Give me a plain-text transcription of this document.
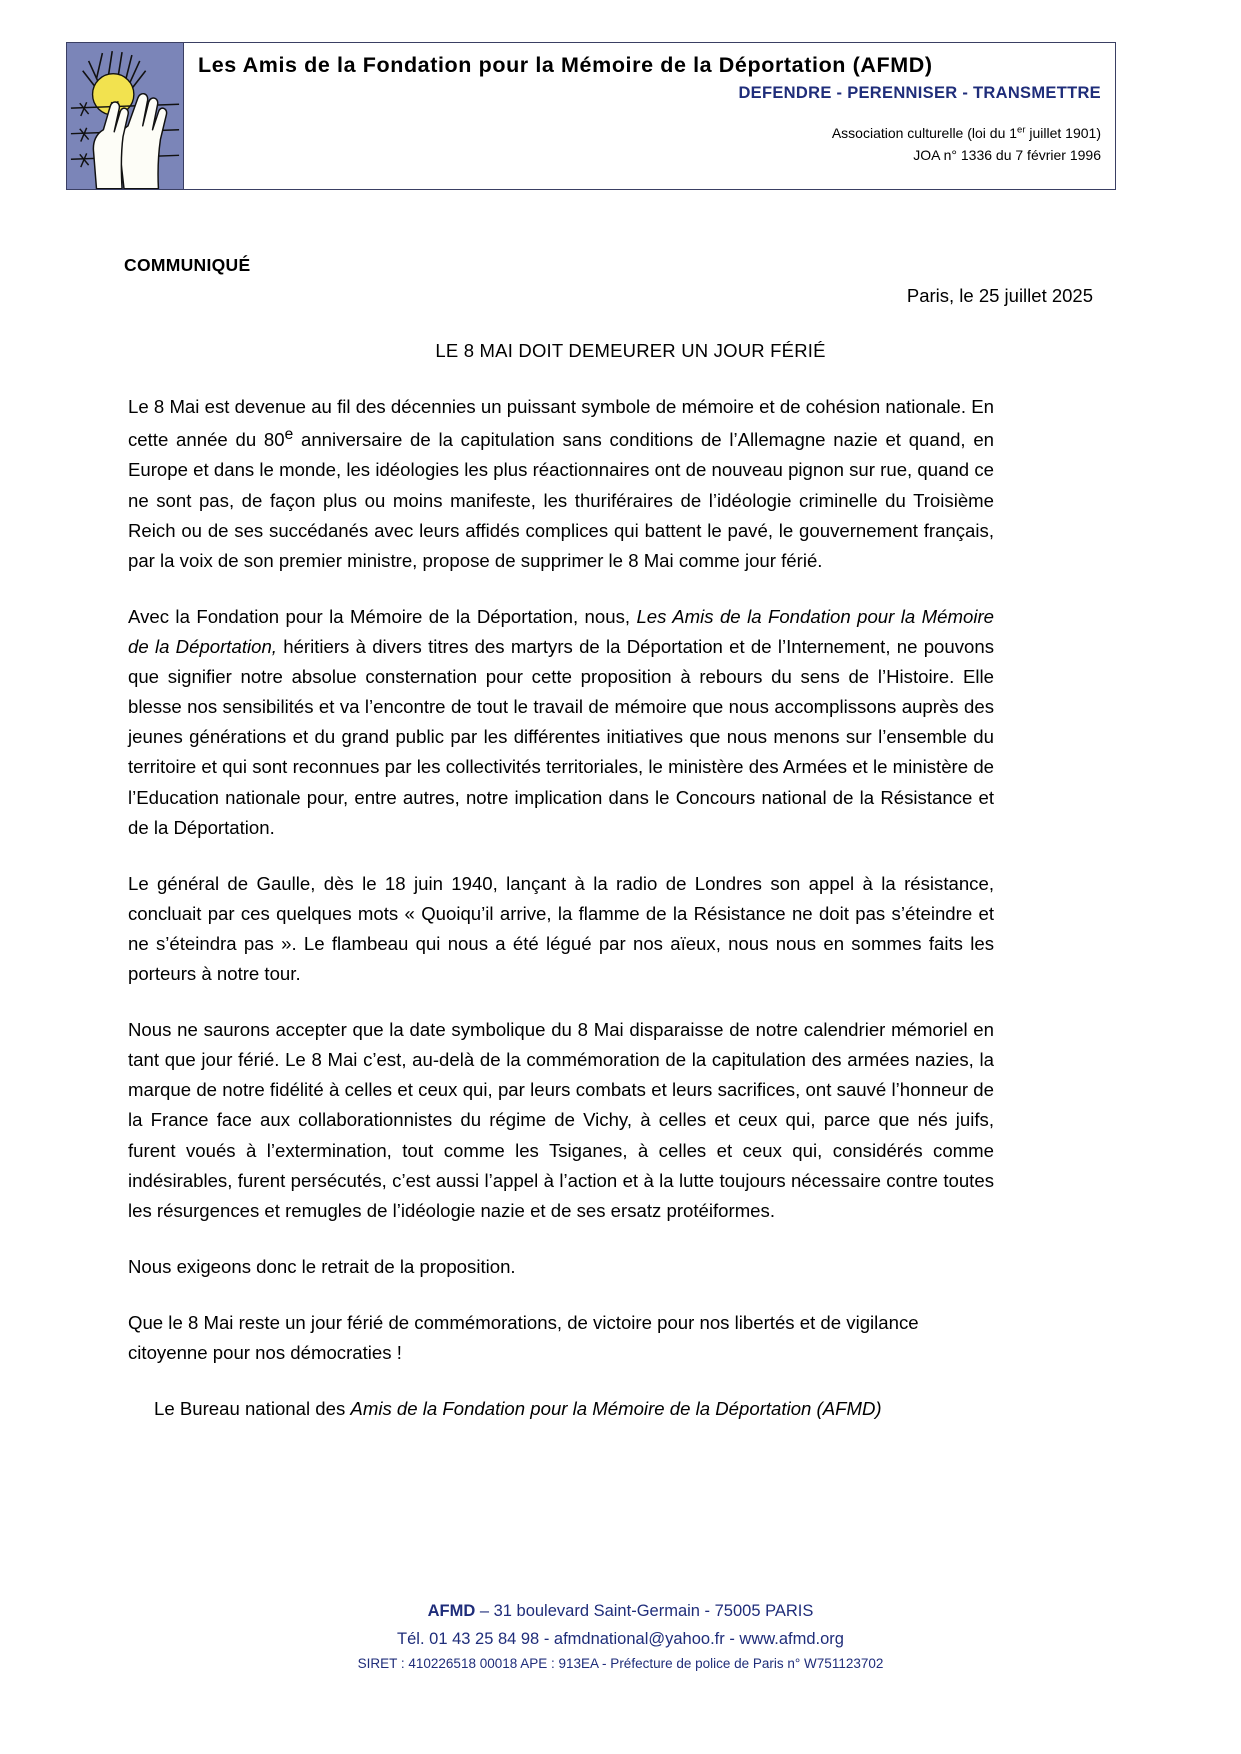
Les Amis de la Fondation pour la Mémoire de la Déportation (AFMD)
DEFENDRE - PERENNISER - TRANSMETTRE
Association culturelle (loi du 1er juillet 1901)
JOA n° 1336 du 7 février 1996
COMMUNIQUÉ
Paris, le 25 juillet 2025
LE 8 MAI DOIT DEMEURER UN JOUR FÉRIÉ

Le 8 Mai est devenue au fil des décennies un puissant symbole de mémoire et de cohésion nationale. En cette année du 80e anniversaire de la capitulation sans conditions de l’Allemagne nazie et quand, en Europe et dans le monde, les idéologies les plus réactionnaires ont de nouveau pignon sur rue, quand ce ne sont pas, de façon plus ou moins manifeste, les thuriféraires de l’idéologie criminelle du Troisième Reich ou de ses succédanés avec leurs affidés complices qui battent le pavé, le gouvernement français, par la voix de son premier ministre, propose de supprimer le 8 Mai comme jour férié.

Avec la Fondation pour la Mémoire de la Déportation, nous, Les Amis de la Fondation pour la Mémoire de la Déportation, héritiers à divers titres des martyrs de la Déportation et de l’Internement, ne pouvons que signifier notre absolue consternation pour cette proposition à rebours du sens de l’Histoire. Elle blesse nos sensibilités et va l’encontre de tout le travail de mémoire que nous accomplissons auprès des jeunes générations et du grand public par les différentes initiatives que nous menons sur l’ensemble du territoire et qui sont reconnues par les collectivités territoriales, le ministère des Armées et le ministère de l’Education nationale pour, entre autres, notre implication dans le Concours national de la Résistance et de la Déportation.

Le général de Gaulle, dès le 18 juin 1940, lançant à la radio de Londres son appel à la résistance, concluait par ces quelques mots « Quoiqu’il arrive, la flamme de la Résistance ne doit pas s’éteindre et ne s’éteindra pas ». Le flambeau qui nous a été légué par nos aïeux, nous nous en sommes faits les porteurs à notre tour.

Nous ne saurons accepter que la date symbolique du 8 Mai disparaisse de notre calendrier mémoriel en tant que jour férié. Le 8 Mai c’est, au-delà de la commémoration de la capitulation des armées nazies, la marque de notre fidélité à celles et ceux qui, par leurs combats et leurs sacrifices, ont sauvé l’honneur de la France face aux collaborationnistes du régime de Vichy, à celles et ceux qui, parce que nés juifs, furent voués à l’extermination, tout comme les Tsiganes, à celles et ceux qui, considérés comme indésirables, furent persécutés, c’est aussi l’appel à l’action et à la lutte toujours nécessaire contre toutes les résurgences et remugles de l’idéologie nazie et de ses ersatz protéiformes.

Nous exigeons donc le retrait de la proposition.

Que le 8 Mai reste un jour férié de commémorations, de victoire pour nos libertés et de vigilance citoyenne pour nos démocraties !

Le Bureau national des Amis de la Fondation pour la Mémoire de la Déportation (AFMD)

AFMD – 31 boulevard Saint-Germain - 75005 PARIS
Tél. 01 43 25 84 98 - afmdnational@yahoo.fr - www.afmd.org
SIRET : 410226518 00018 APE : 913EA - Préfecture de police de Paris n° W751123702
